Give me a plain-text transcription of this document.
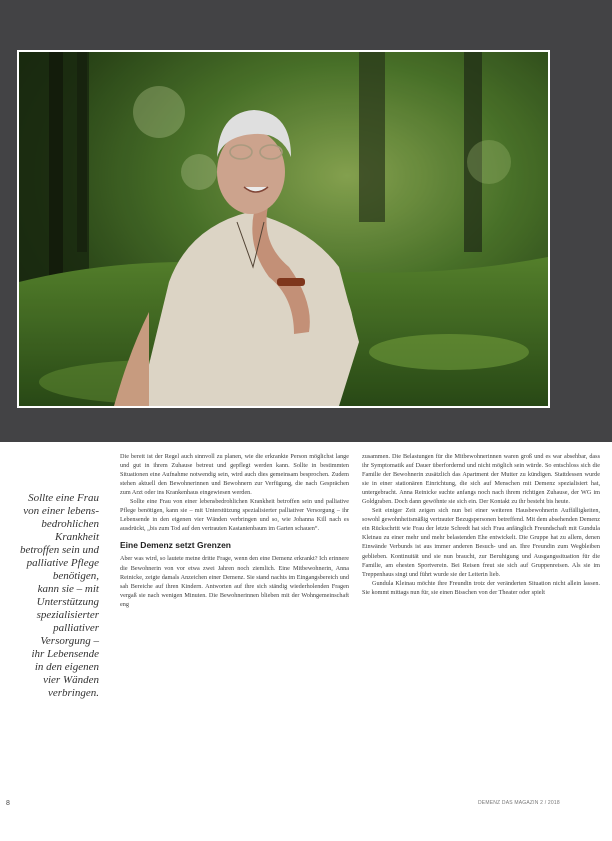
Sollte eine Frau
von einer lebens-
bedrohlichen
Krankheit
betroffen sein und
palliative Pflege
benötigen,
kann sie – mit
Unterstützung
spezialisierter
palliativer
Versorgung –
ihr Lebensende
in den eigenen
vier Wänden
verbringen.

Die bereit ist der Regel auch sinnvoll zu planen, wie die erkrankte Person möglichst lange und gut in ihrem Zuhause betreut und gepflegt werden kann. Sollte in bestimmten Situationen eine Aufnahme notwendig sein, wird auch dies gemeinsam besprochen. Zudem stehen aktuell den Bewohnerinnen und Bewohnern zur Verfügung, die nach Gesprächen zum Arzt oder ins Krankenhaus eingewiesen werden.

Sollte eine Frau von einer lebensbedrohlichen Krankheit betroffen sein und palliative Pflege benötigen, kann sie – mit Unterstützung spezialisierter palliativer Versorgung – ihr Lebensende in den eigenen vier Wänden verbringen und so, wie Johanna Kill nach es ausdrückt, „bis zum Tod auf den vertrauten Kastanienbaum im Garten schauen“.

Eine Demenz setzt Grenzen

Aber was wird, so lautete meine dritte Frage, wenn den eine Demenz erkrankt? Ich erinnere die Bewohnerin von vor etwa zwei Jahren noch ziemlich. Eine Mitbewohnerin, Anna Reinicke, zeigte damals Anzeichen einer Demenz. Sie stand nachts im Eingangsbereich und sah Bereiche auf ihren Kindern. Antworten auf ihre sich ständig wiederholenden Fragen vergaß sie nach wenigen Minuten. Die Bewohnerinnen blieben mit der Wohngemeinschaft eng

zusammen. Die Belastungen für die Mitbewohnerinnen waren groß und es war absehbar, dass ihr Symptomatik auf Dauer überfordernd und nicht möglich sein würde. So entschloss sich die Familie der Bewohnerin zusätzlich das Apartment der Mutter zu kündigen. Stattdessen wurde sie in einer stationären Einrichtung, die sich auf Menschen mit Demenz spezialisiert hat, untergebracht. Anna Reinicke suchte anfangs noch nach ihrem richtigen Zuhause, der WG im Goldgraben. Doch dann gewöhnte sie sich ein. Der Kontakt zu ihr besteht bis heute.

Seit einiger Zeit zeigen sich nun bei einer weiteren Hausbewohnerin Auffälligkeiten, sowohl gewohnheitsmäßig vertrauter Bezugspersonen betreffend. Mit dem absehenden Demenz ein Rückschritt wie Frau der letzte Schredt hat sich Frau anfänglich Freundschaft mit Gundula Kleinau zu einer mehr und mehr belastenden Ehe entwickelt. Die Gruppe hat zu allem, denen Einwände Verbunds ist aus immer anderen Besuch- und an. Ihre Freundin zum Wegbleiben geblieben. Kontinuität und sie nun braucht, zur Beruhigung und Ausgangssituation für die Familie, am ehesten Sportverein. Bei Reisen freut sie sich auf Gruppenreisen. Als sie im Treppenhaus singt und führt wurde sie der Leiterin lieb.

Gundula Kleinau möchte ihre Freundin trotz der veränderten Situation nicht allein lassen. Sie kommt mittags nun für, sie einen Bisschen von der Theater oder spielt

8	DEMENZ DAS MAGAZIN 2 / 2018
